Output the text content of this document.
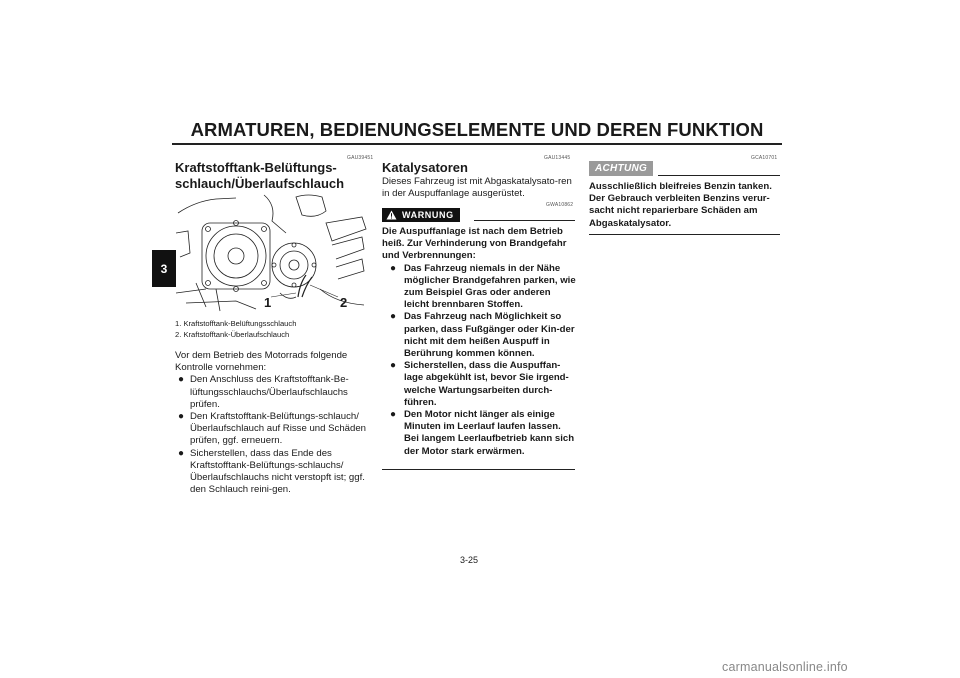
ARMATUREN, BEDIENUNGSELEMENTE UND DEREN FUNKTION
3
GAU39451
Kraftstofftank-Belüftungs-schlauch/Überlaufschlauch
1	2
1. Kraftstofftank-Belüftungsschlauch
2. Kraftstofftank-Überlaufschlauch

Vor dem Betrieb des Motorrads folgende Kontrolle vornehmen:

● Den Anschluss des Kraftstofftank-Be-lüftungsschlauchs/Überlaufschlauchs prüfen.
● Den Kraftstofftank-Belüftungs-schlauch/Überlaufschlauch auf Risse und Schäden prüfen, ggf. erneuern.
● Sicherstellen, dass das Ende des Kraftstofftank-Belüftungs-schlauchs/Überlaufschlauchs nicht verstopft ist; ggf. den Schlauch reini-gen.
GAU13445
Katalysatoren

Dieses Fahrzeug ist mit Abgaskatalysato-ren in der Auspuffanlage ausgerüstet.

WARNUNG
GWA10862

Die Auspuffanlage ist nach dem Betrieb heiß. Zur Verhinderung von Brandgefahr und Verbrennungen:

● Das Fahrzeug niemals in der Nähe möglicher Brandgefahren parken, wie zum Beispiel Gras oder anderen leicht brennbaren Stoffen.
● Das Fahrzeug nach Möglichkeit so parken, dass Fußgänger oder Kin-der nicht mit dem heißen Auspuff in Berührung kommen können.
● Sicherstellen, dass die Auspuffan-lage abgekühlt ist, bevor Sie irgend-welche Wartungsarbeiten durch-führen.
● Den Motor nicht länger als einige Minuten im Leerlauf laufen lassen. Bei langem Leerlaufbetrieb kann sich der Motor stark erwärmen.
GCA10701
ACHTUNG

Ausschließlich bleifreies Benzin tanken. Der Gebrauch verbleiten Benzins verur-sacht nicht reparierbare Schäden am Abgaskatalysator.

3-25
carmanualsonline.info
